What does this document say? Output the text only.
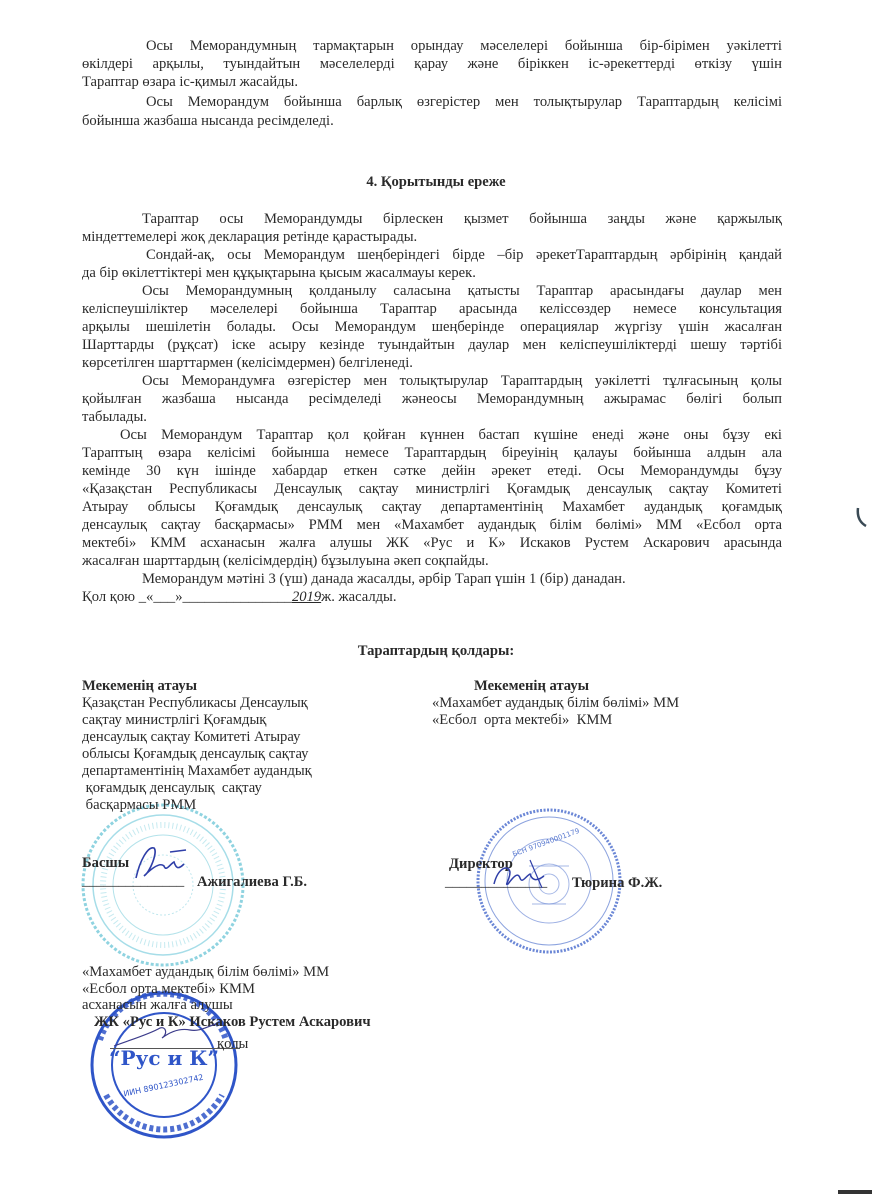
Осы Меморандумның тармақтарын орындау мәселелері бойынша бір-бірімен уәкілетті
өкілдері арқылы, туындайтын мәселелерді қарау және біріккен іс-әрекеттерді өткізу үшін
Тараптар өзара іс-қимыл жасайды.
Осы Меморандум бойынша барлық өзгерістер мен толықтырулар Тараптардың келісімі
бойынша жазбаша нысанда ресімделеді.
4. Қорытынды ереже
Тараптар осы Меморандумды бірлескен қызмет бойынша заңды және қаржылық
міндеттемелері жоқ декларация ретінде қарастырады.
Сондай-ақ, осы Меморандум шеңберіндегі бірде –бір әрекетТараптардың әрбірінің қандай
да бір өкілеттіктері мен құқықтарына қысым жасалмауы керек.
Осы Меморандумның қолданылу саласына қатысты Тараптар арасындағы даулар мен
келіспеушіліктер мәселелері бойынша Тараптар арасында келіссөздер немесе консультация
арқылы шешілетін болады. Осы Меморандум шеңберінде операциялар жүргізу үшін жасалған
Шарттарды (рұқсат) іске асыру кезінде туындайтын даулар мен келіспеушіліктерді шешу тәртібі
көрсетілген шарттармен (келісімдермен) белгіленеді.
Осы Меморандумға өзгерістер мен толықтырулар Тараптардың уәкілетті тұлғасының қолы
қойылған жазбаша нысанда ресімделеді жәнеосы Меморандумның ажырамас бөлігі болып
табылады.
Осы Меморандум Тараптар қол қойған күннен бастап күшіне енеді және оны бұзу екі
Тараптың өзара келісімі бойынша немесе Тараптардың біреуінің қалауы бойынша алдын ала
кемінде 30 күн ішінде хабардар еткен сәтке дейін әрекет етеді. Осы Меморандумды бұзу
«Қазақстан Республикасы Денсаулық сақтау министрлігі Қоғамдық денсаулық сақтау Комитеті
Атырау облысы Қоғамдық денсаулық сақтау департаментінің Махамбет аудандық қоғамдық
денсаулық сақтау басқармасы» РММ мен «Махамбет аудандық білім бөлімі» ММ «Есбол орта
мектебі» КММ асханасын жалға алушы ЖК «Рус и К» Искаков Рустем Аскарович арасында
жасалған шарттардың (келісімдердің) бұзылуына әкеп соқпайды.
Меморандум мәтіні 3 (үш) данада жасалды, әрбір Тарап үшін 1 (бір) данадан.
Қол қою _«___»_______________2019ж. жасалды.
Тараптардың қолдары:
Мекеменің атауы
Қазақстан Республикасы Денсаулық
сақтау министрлігі Қоғамдық
денсаулық сақтау Комитеті Атырау
облысы Қоғамдық денсаулық сақтау
департаментінің Махамбет аудандық
қоғамдық денсаулық  сақтау
басқармасы РММ
Басшы
______________ Ажигалиева Г.Б.
Мекеменің атауы
«Махамбет аудандық білім бөлімі» ММ
«Есбол  орта мектебі»  КММ
БСН 970940001179
Директор
______________ Тюрина Ф.Ж.
“Рус и К”
ИИН 890123302742
«Махамбет аудандық білім бөлімі» ММ
«Есбол орта мектебі» КММ
асханасын жалға алушы
ЖК «Рус и К» Искаков Рустем Аскарович
қолы
